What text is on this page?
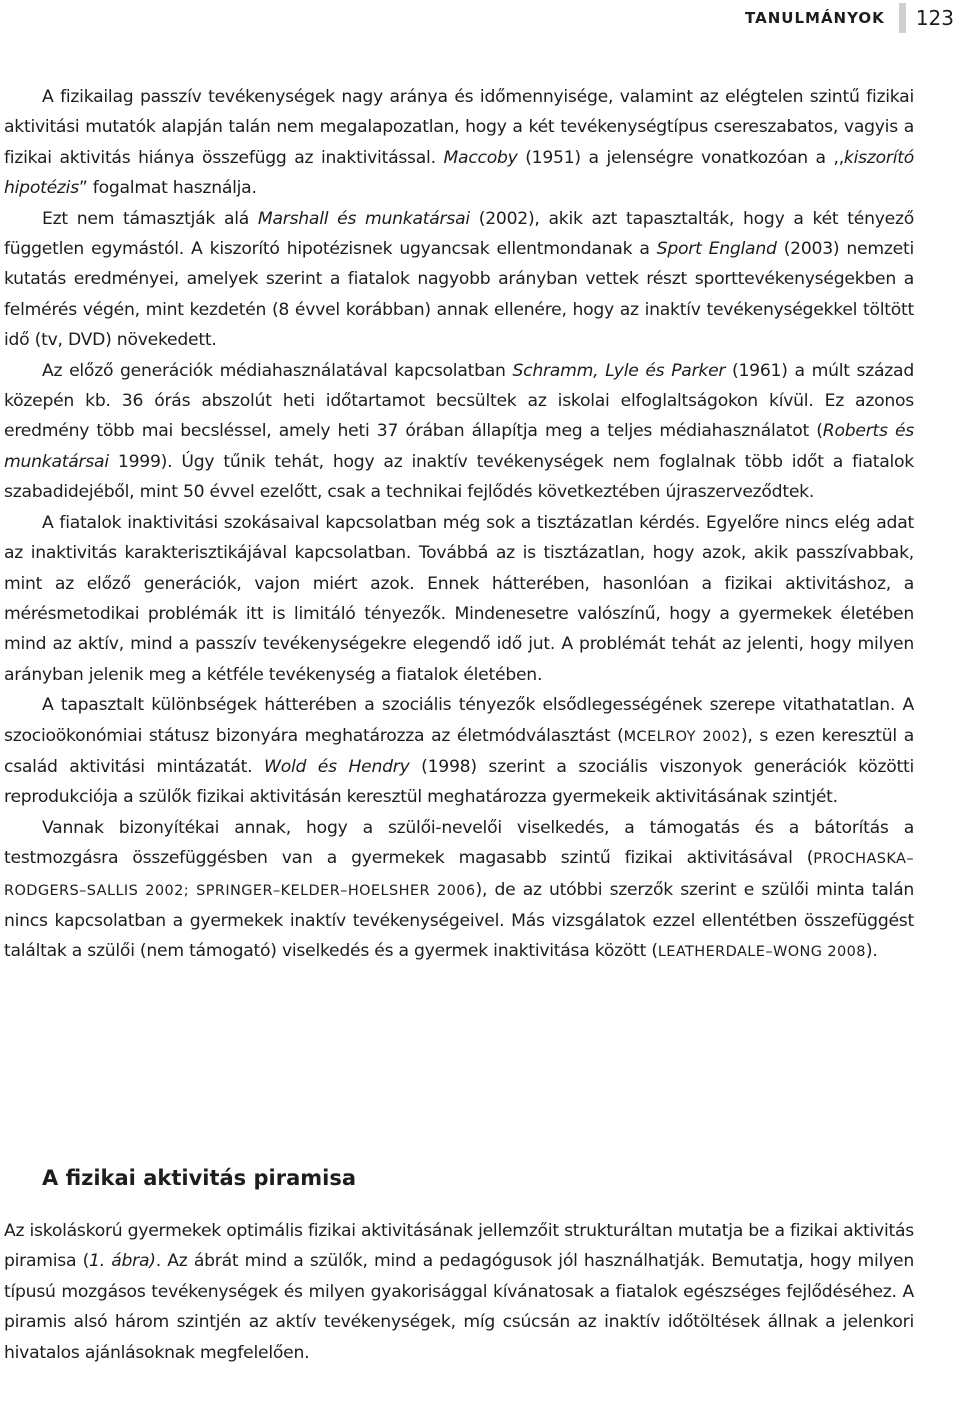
TANULMÁNYOK 123

A fizikailag passzív tevékenységek nagy aránya és időmennyisége, valamint az elégtelen szintű fizikai aktivitási mutatók alapján talán nem megalapozatlan, hogy a két tevékenységtípus csereszabatos, vagyis a fizikai aktivitás hiánya összefügg az inaktivitással. Maccoby (1951) a jelenségre vonatkozóan a ,,kiszorító hipotézis” fogalmat használja.

Ezt nem támasztják alá Marshall és munkatársai (2002), akik azt tapasztalták, hogy a két tényező független egymástól. A kiszorító hipotézisnek ugyancsak ellentmondanak a Sport England (2003) nemzeti kutatás eredményei, amelyek szerint a fiatalok nagyobb arányban vettek részt sporttevékenységekben a felmérés végén, mint kezdetén (8 évvel korábban) annak ellenére, hogy az inaktív tevékenységekkel töltött idő (tv, DVD) növekedett.

Az előző generációk médiahasználatával kapcsolatban Schramm, Lyle és Parker (1961) a múlt század közepén kb. 36 órás abszolút heti időtartamot becsültek az iskolai elfoglaltságokon kívül. Ez azonos eredmény több mai becsléssel, amely heti 37 órában állapítja meg a teljes médiahasználatot (Roberts és munkatársai 1999). Úgy tűnik tehát, hogy az inaktív tevékenységek nem foglalnak több időt a fiatalok szabadidejéből, mint 50 évvel ezelőtt, csak a technikai fejlődés következtében újraszerveződtek.

A fiatalok inaktivitási szokásaival kapcsolatban még sok a tisztázatlan kérdés. Egyelőre nincs elég adat az inaktivitás karakterisztikájával kapcsolatban. Továbbá az is tisztázatlan, hogy azok, akik passzívabbak, mint az előző generációk, vajon miért azok. Ennek hátterében, hasonlóan a fizikai aktivitáshoz, a mérésmetodikai problémák itt is limitáló tényezők. Mindenesetre valószínű, hogy a gyermekek életében mind az aktív, mind a passzív tevékenységekre elegendő idő jut. A problémát tehát az jelenti, hogy milyen arányban jelenik meg a kétféle tevékenység a fiatalok életében.

A tapasztalt különbségek hátterében a szociális tényezők elsődlegességének szerepe vitathatatlan. A szocioökonómiai státusz bizonyára meghatározza az életmódválasztást (MCELROY 2002), s ezen keresztül a család aktivitási mintázatát. Wold és Hendry (1998) szerint a szociális viszonyok generációk közötti reprodukciója a szülők fizikai aktivitásán keresztül meghatározza gyermekeik aktivitásának szintjét.

Vannak bizonyítékai annak, hogy a szülői-nevelői viselkedés, a támogatás és a bátorítás a testmozgásra összefüggésben van a gyermekek magasabb szintű fizikai aktivitásával (PROCHASKA–RODGERS–SALLIS 2002; SPRINGER–KELDER–HOELSHER 2006), de az utóbbi szerzők szerint e szülői minta talán nincs kapcsolatban a gyermekek inaktív tevékenységeivel. Más vizsgálatok ezzel ellentétben összefüggést találtak a szülői (nem támogató) viselkedés és a gyermek inaktivitása között (LEATHERDALE–WONG 2008).

A fizikai aktivitás piramisa

Az iskoláskorú gyermekek optimális fizikai aktivitásának jellemzőit strukturáltan mutatja be a fizikai aktivitás piramisa (1. ábra). Az ábrát mind a szülők, mind a pedagógusok jól használhatják. Bemutatja, hogy milyen típusú mozgásos tevékenységek és milyen gyakorisággal kívánatosak a fiatalok egészséges fejlődéséhez. A piramis alsó három szintjén az aktív tevékenységek, míg csúcsán az inaktív időtöltések állnak a jelenkori hivatalos ajánlásoknak megfelelően.
